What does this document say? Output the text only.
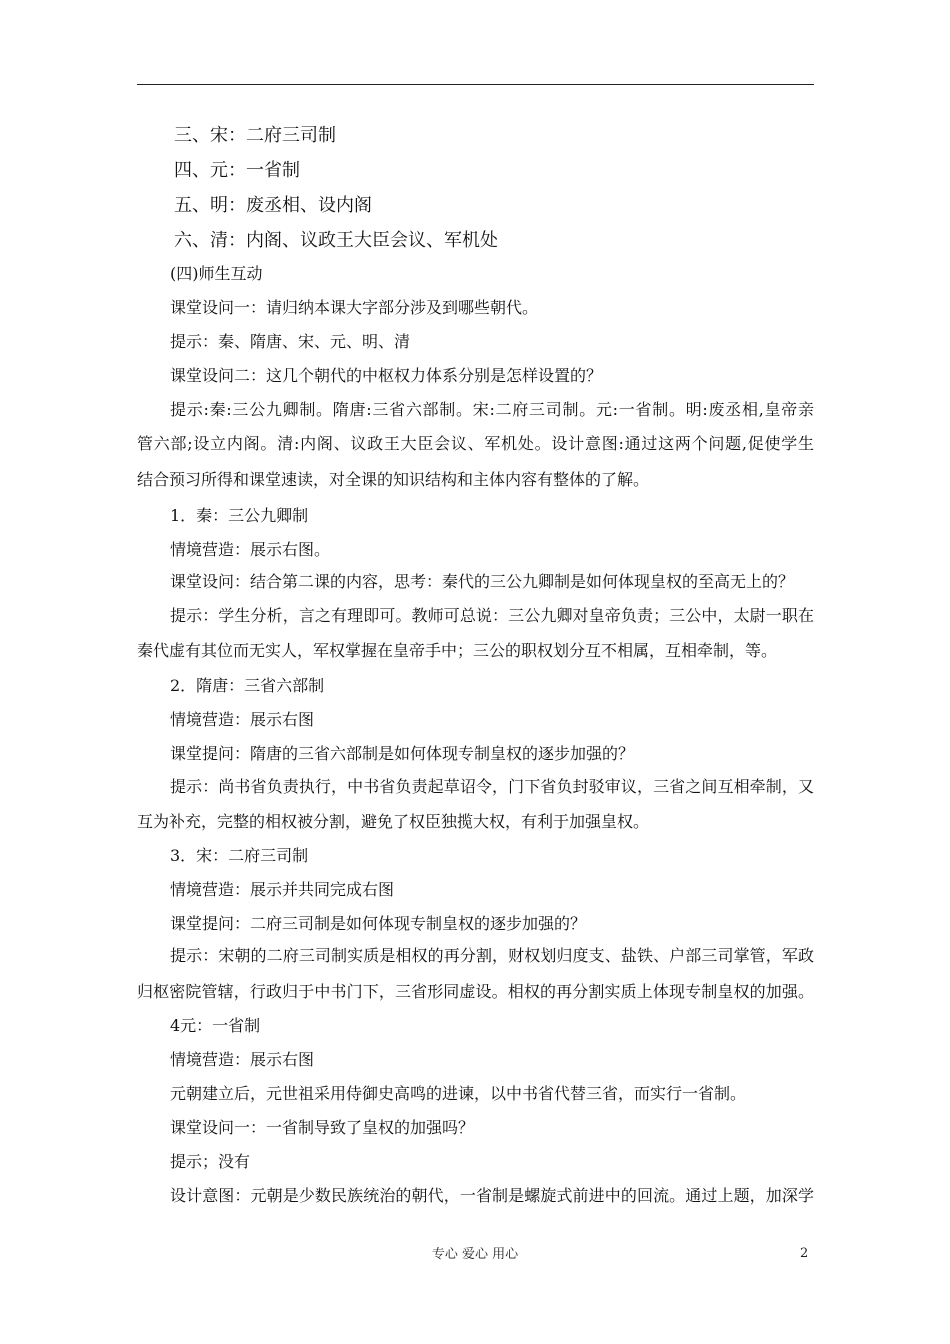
三、宋：二府三司制
四、元：一省制
五、明：废丞相、设内阁
六、清：内阁、议政王大臣会议、军机处
(四)师生互动
课堂设问一：请归纳本课大字部分涉及到哪些朝代。
提示：秦、隋唐、宋、元、明、清
课堂设问二：这几个朝代的中枢权力体系分别是怎样设置的？
提示:秦:三公九卿制。隋唐:三省六部制。宋:二府三司制。元:一省制。明:废丞相,皇帝亲
管六部;设立内阁。清:内阁、议政王大臣会议、军机处。设计意图:通过这两个问题,促使学生
结合预习所得和课堂速读，对全课的知识结构和主体内容有整体的了解。
1．秦：三公九卿制
情境营造：展示右图。
课堂设问：结合第二课的内容，思考：秦代的三公九卿制是如何体现皇权的至高无上的？
提示：学生分析，言之有理即可。教师可总说：三公九卿对皇帝负责；三公中，太尉一职在
秦代虚有其位而无实人，军权掌握在皇帝手中；三公的职权划分互不相属，互相牵制，等。
2．隋唐：三省六部制
情境营造：展示右图
课堂提问：隋唐的三省六部制是如何体现专制皇权的逐步加强的？
提示：尚书省负责执行，中书省负责起草诏令，门下省负封驳审议，三省之间互相牵制，又
互为补充，完整的相权被分割，避免了权臣独揽大权，有利于加强皇权。
3．宋：二府三司制
情境营造：展示并共同完成右图
课堂提问：二府三司制是如何体现专制皇权的逐步加强的？
提示：宋朝的二府三司制实质是相权的再分割，财权划归度支、盐铁、户部三司掌管，军政
归枢密院管辖，行政归于中书门下，三省形同虚设。相权的再分割实质上体现专制皇权的加强。
4元：一省制
情境营造：展示右图
元朝建立后，元世祖采用侍御史高鸣的进谏，以中书省代替三省，而实行一省制。
课堂设问一：一省制导致了皇权的加强吗？
提示；没有
设计意图：元朝是少数民族统治的朝代，一省制是螺旋式前进中的回流。通过上题，加深学
专心 爱心 用心	2
